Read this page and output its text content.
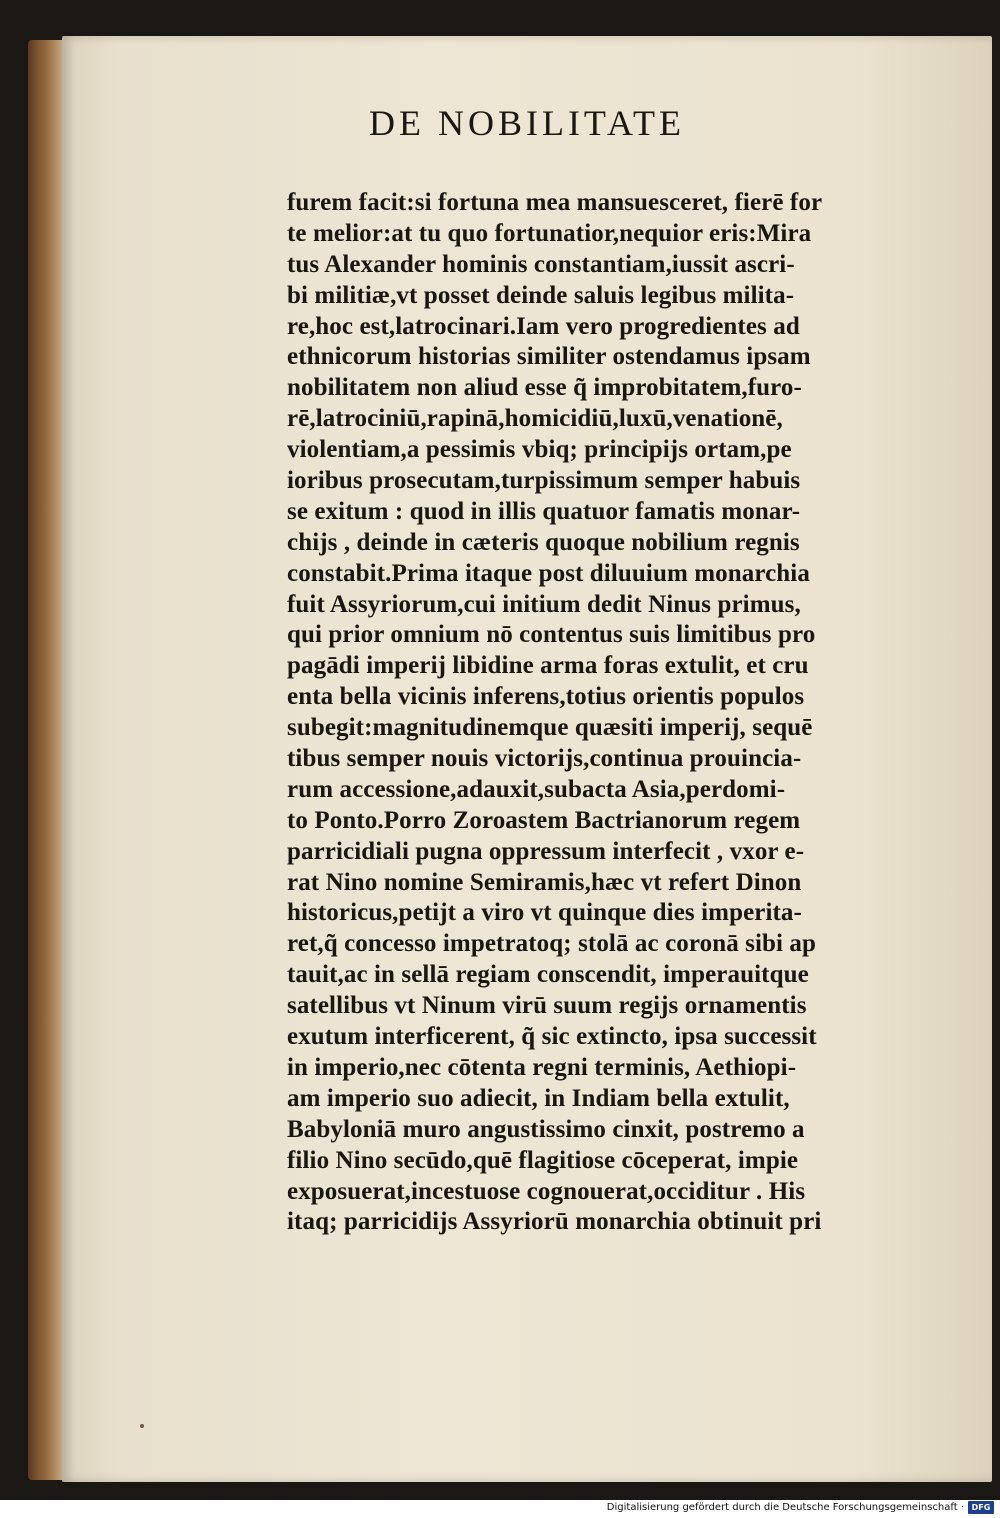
DE NOBILITATE
furem facit:si fortuna mea mansuesceret, fierē for
te melior:at tu quo fortunatior,nequior eris:Mira
tus Alexander hominis constantiam,iussit ascri-
bi militiæ,vt posset deinde saluis legibus milita-
re,hoc est,latrocinari.Iam vero progredientes ad
ethnicorum historias similiter ostendamus ipsam
nobilitatem non aliud esse q̃ improbitatem,furo-
rē,latrociniū,rapinā,homicidiū,luxū,venationē,
violentiam,a pessimis vbiq; principijs ortam,pe
ioribus prosecutam,turpissimum semper habuis
se exitum : quod in illis quatuor famatis monar-
chijs , deinde in cæteris quoque nobilium regnis
constabit.Prima itaque post diluuium monarchia
fuit Assyriorum,cui initium dedit Ninus primus,
qui prior omnium nō contentus suis limitibus pro
pagādi imperij libidine arma foras extulit, et cru
enta bella vicinis inferens,totius orientis populos
subegit:magnitudinemque quæsiti imperij, sequē
tibus semper nouis victorijs,continua prouincia-
rum accessione,adauxit,subacta Asia,perdomi-
to Ponto.Porro Zoroastem Bactrianorum regem
parricidiali pugna oppressum interfecit , vxor e-
rat Nino nomine Semiramis,hæc vt refert Dinon
historicus,petijt a viro vt quinque dies imperita-
ret,q̃ concesso impetratoq; stolā ac coronā sibi ap
tauit,ac in sellā regiam conscendit, imperauitque
satellibus vt Ninum virū suum regijs ornamentis
exutum interficerent, q̃ sic extincto, ipsa successit
in imperio,nec cōtenta regni terminis, Aethiopi-
am imperio suo adiecit, in Indiam bella extulit,
Babyloniā muro angustissimo cinxit, postremo a
filio Nino secūdo,quē flagitiose cōceperat, impie
exposuerat,incestuose cognouerat,occiditur . His
itaq; parricidijs Assyriorū monarchia obtinuit pri
Digitalisierung gefördert durch die Deutsche Forschungsgemeinschaft · DFG
